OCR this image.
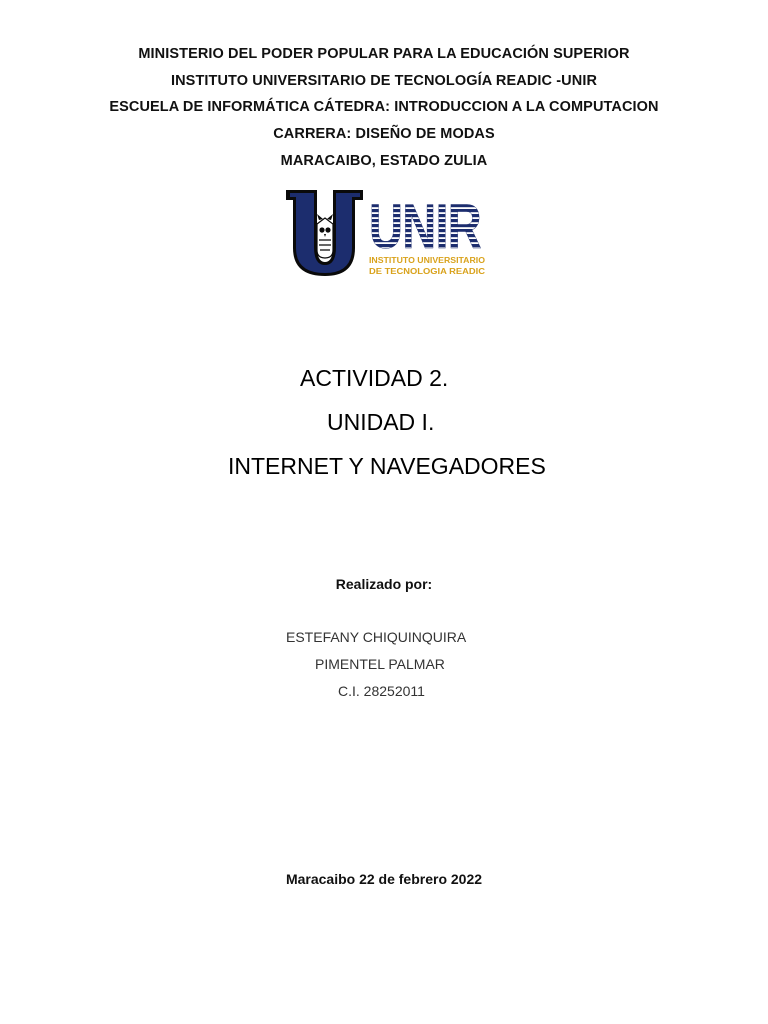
MINISTERIO DEL PODER POPULAR PARA LA EDUCACIÓN SUPERIOR
INSTITUTO UNIVERSITARIO DE TECNOLOGÍA READIC -UNIR
ESCUELA DE INFORMÁTICA CÁTEDRA: INTRODUCCION A LA COMPUTACION
CARRERA: DISEÑO DE MODAS
MARACAIBO, ESTADO ZULIA
UNIR
INSTITUTO UNIVERSITARIO
DE TECNOLOGIA READIC
ACTIVIDAD 2.
UNIDAD I.
INTERNET Y NAVEGADORES
Realizado por:
ESTEFANY CHIQUINQUIRA
PIMENTEL PALMAR
C.I. 28252011
Maracaibo 22 de febrero 2022
